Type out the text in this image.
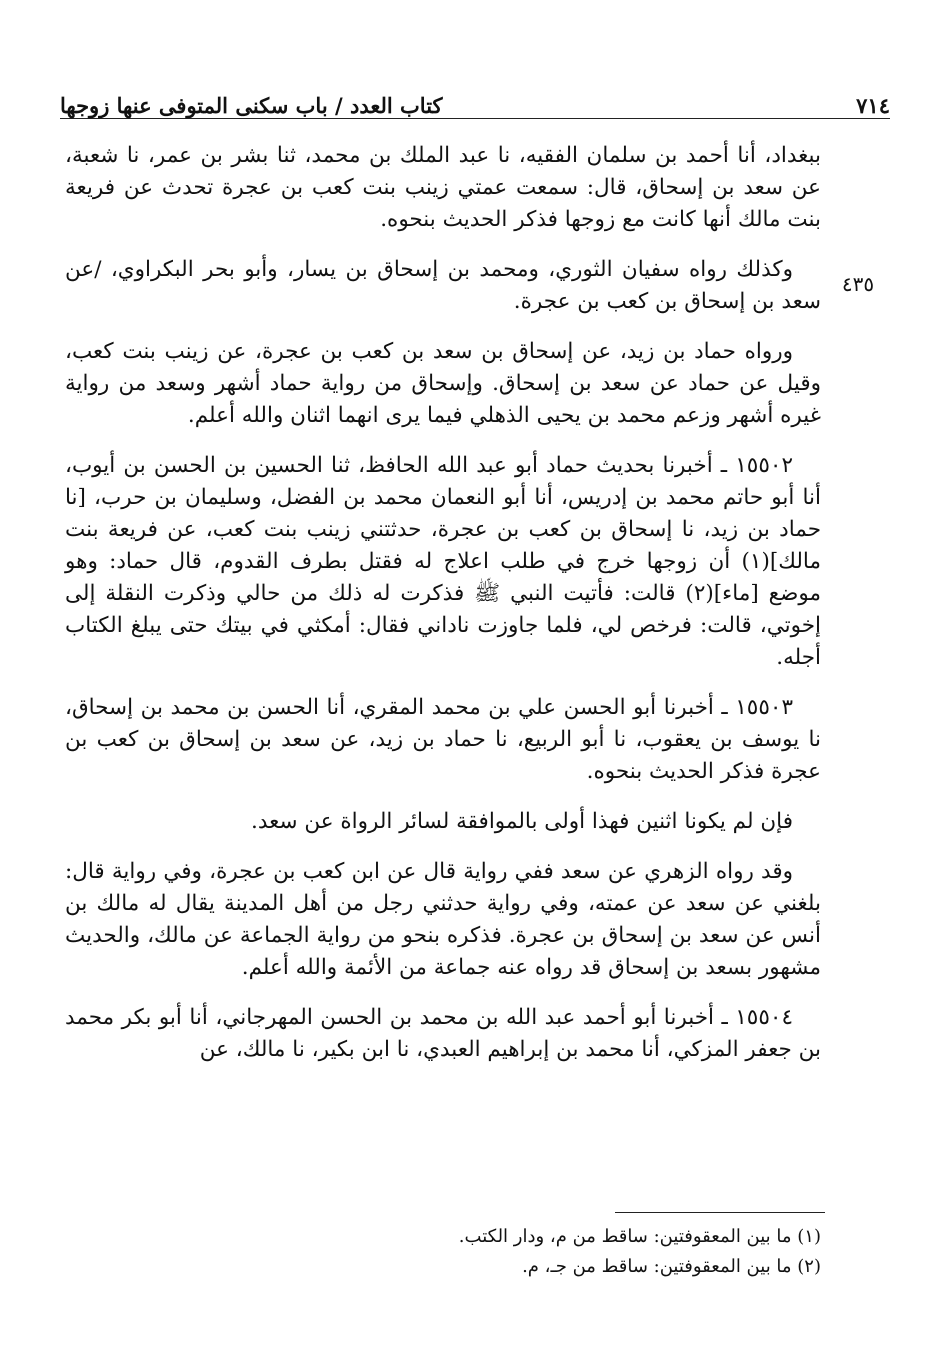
٧١٤
كتاب العدد / باب سكنى المتوفى عنها زوجها
٤٣٥

ببغداد، أنا أحمد بن سلمان الفقيه، نا عبد الملك بن محمد، ثنا بشر بن عمر، نا شعبة، عن سعد بن إسحاق، قال: سمعت عمتي زينب بنت كعب بن عجرة تحدث عن فريعة بنت مالك أنها كانت مع زوجها فذكر الحديث بنحوه.

وكذلك رواه سفيان الثوري، ومحمد بن إسحاق بن يسار، وأبو بحر البكراوي، /عن سعد بن إسحاق بن كعب بن عجرة.

ورواه حماد بن زيد، عن إسحاق بن سعد بن كعب بن عجرة، عن زينب بنت كعب، وقيل عن حماد عن سعد بن إسحاق. وإسحاق من رواية حماد أشهر وسعد من رواية غيره أشهر وزعم محمد بن يحيى الذهلي فيما يرى انهما اثنان والله أعلم.

١٥٥٠٢ ـ أخبرنا بحديث حماد أبو عبد الله الحافظ، ثنا الحسين بن الحسن بن أيوب، أنا أبو حاتم محمد بن إدريس، أنا أبو النعمان محمد بن الفضل، وسليمان بن حرب، [نا حماد بن زيد، نا إسحاق بن كعب بن عجرة، حدثتني زينب بنت كعب، عن فريعة بنت مالك](١) أن زوجها خرج في طلب اعلاج له فقتل بطرف القدوم، قال حماد: وهو موضع [ماء](٢) قالت: فأتيت النبي ﷺ فذكرت له ذلك من حالي وذكرت النقلة إلى إخوتي، قالت: فرخص لي، فلما جاوزت ناداني فقال: أمكثي في بيتك حتى يبلغ الكتاب أجله.

١٥٥٠٣ ـ أخبرنا أبو الحسن علي بن محمد المقري، أنا الحسن بن محمد بن إسحاق، نا يوسف بن يعقوب، نا أبو الربيع، نا حماد بن زيد، عن سعد بن إسحاق بن كعب بن عجرة فذكر الحديث بنحوه.

فإن لم يكونا اثنين فهذا أولى بالموافقة لسائر الرواة عن سعد.

وقد رواه الزهري عن سعد ففي رواية قال عن ابن كعب بن عجرة، وفي رواية قال: بلغني عن سعد عن عمته، وفي رواية حدثني رجل من أهل المدينة يقال له مالك بن أنس عن سعد بن إسحاق بن عجرة. فذكره بنحو من رواية الجماعة عن مالك، والحديث مشهور بسعد بن إسحاق قد رواه عنه جماعة من الأئمة والله أعلم.

١٥٥٠٤ ـ أخبرنا أبو أحمد عبد الله بن محمد بن الحسن المهرجاني، أنا أبو بكر محمد بن جعفر المزكي، أنا محمد بن إبراهيم العبدي، نا ابن بكير، نا مالك، عن

(١) ما بين المعقوفتين: ساقط من م، ودار الكتب.

(٢) ما بين المعقوفتين: ساقط من جـ، م.
